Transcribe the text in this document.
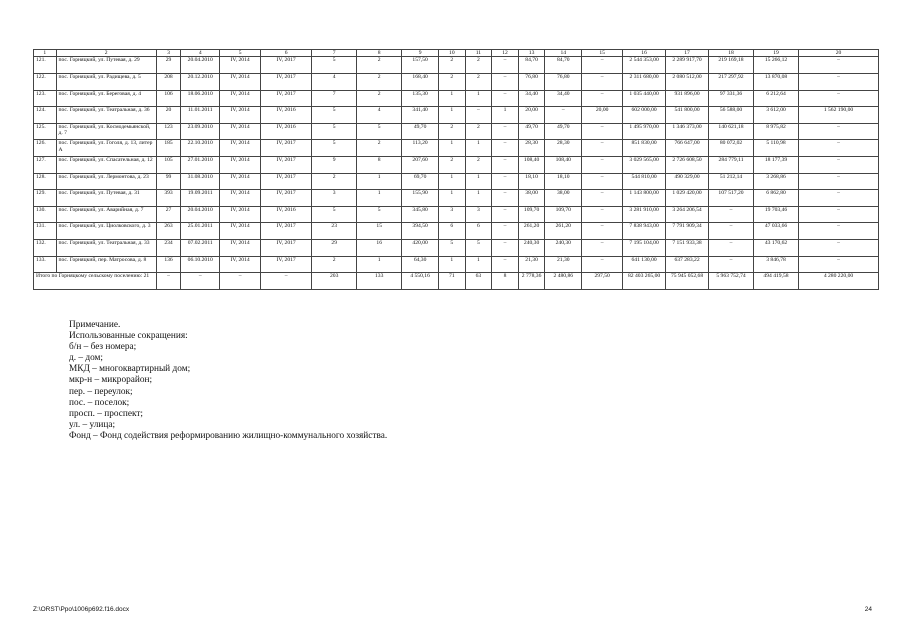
1	2	3	4	5	6	7	8	9	10	11	12	13	14	15	16	17	18	19	20
121.	пос. Горняцкий, ул. Путевая, д. 29	29	20.04.2010	IV, 2014	IV, 2017	5	2	157,50	2	2	–	84,70	84,70	–	2 544 353,00	2 289 917,70	219 169,18	15 266,12	–
122.	пос. Горняцкий, ул. Радищева, д. 5	208	20.12.2010	IV, 2014	IV, 2017	4	2	168,40	2	2	–	76,80	76,80	–	2 311 680,00	2 080 512,00	217 297,92	13 870,08	–
123.	пос. Горняцкий, ул. Береговая, д. 4	106	18.06.2010	IV, 2014	IV, 2017	7	2	135,30	1	1	–	34,40	34,40	–	1 035 440,00	931 896,00	97 331,36	6 212,64	–
124.	пос. Горняцкий, ул. Театральная, д. 36	20	11.01.2011	IV, 2014	IV, 2016	5	4	341,40	1	–	1	20,00	–	20,00	602 000,00	541 800,00	56 588,00	3 612,00	1 562 190,00
125.	пос. Горняцкий, ул. Космодемьянской, д. 7	123	23.09.2010	IV, 2014	IV, 2016	5	5	49,70	2	2	–	49,70	49,70	–	1 495 970,00	1 346 373,00	140 621,18	8 975,82	–
126.	пос. Горняцкий, ул. Гоголя, д. 13, литер А	185	22.10.2010	IV, 2014	IV, 2017	5	2	113,20	1	1	–	28,30	28,30	–	851 830,00	766 647,00	80 072,02	5 110,98	–
127.	пос. Горняцкий, ул. Спасательная, д. 12	105	27.01.2010	IV, 2014	IV, 2017	9	8	207,60	2	2	–	108,40	108,40	–	3 029 565,00	2 726 608,50	284 779,11	18 177,39	–
128.	пос. Горняцкий, ул. Лермонтова, д. 23	99	31.08.2010	IV, 2014	IV, 2017	2	1	69,70	1	1	–	18,10	18,10	–	544 810,00	490 329,00	51 212,14	3 268,86	–
129.	пос. Горняцкий, ул. Путевая, д. 31	393	19.09.2011	IV, 2014	IV, 2017	3	1	155,90	1	1	–	38,00	38,00	–	1 143 800,00	1 029 420,00	107 517,20	6 862,80	–
130.	пос. Горняцкий, ул. Аварийная, д. 7	27	20.04.2010	IV, 2014	IV, 2016	5	5	345,80	3	3	–	109,70	109,70	–	3 281 910,00	3 264 206,54	–	19 703,46	–
131.	пос. Горняцкий, ул. Циолковского, д. 3	263	25.01.2011	IV, 2014	IV, 2017	23	15	394,50	6	6	–	261,20	261,20	–	7 838 943,00	7 791 909,34	–	47 033,66	–
132.	пос. Горняцкий, ул. Театральная, д. 33	234	07.02.2011	IV, 2014	IV, 2017	29	16	420,00	5	5	–	240,30	240,30	–	7 195 104,00	7 151 933,38	–	43 170,62	–
133.	пос. Горняцкий, пер. Матросова, д. 8	136	06.10.2010	IV, 2014	IV, 2017	2	1	64,30	1	1	–	21,30	21,30	–	641 130,00	637 283,22	–	3 846,78	–
Итого по Горняцкому сельскому поселению: 21		–	–	–	–	203	133	4 550,16	71	63	8	2 778,36	2 480,86	297,50	82 403 265,00	75 945 052,68	5 963 752,74	494 419,58	4 280 220,00
Примечание.
Использованные сокращения:
б/н – без номера;
д. – дом;
МКД – многоквартирный дом;
мкр-н – микрорайон;
пер. – переулок;
пос. – поселок;
просп. – проспект;
ул. – улица;
Фонд – Фонд содействия реформированию жилищно-коммунального хозяйства.
Z:\ORST\Ppo\1006p692.f16.docx	24
